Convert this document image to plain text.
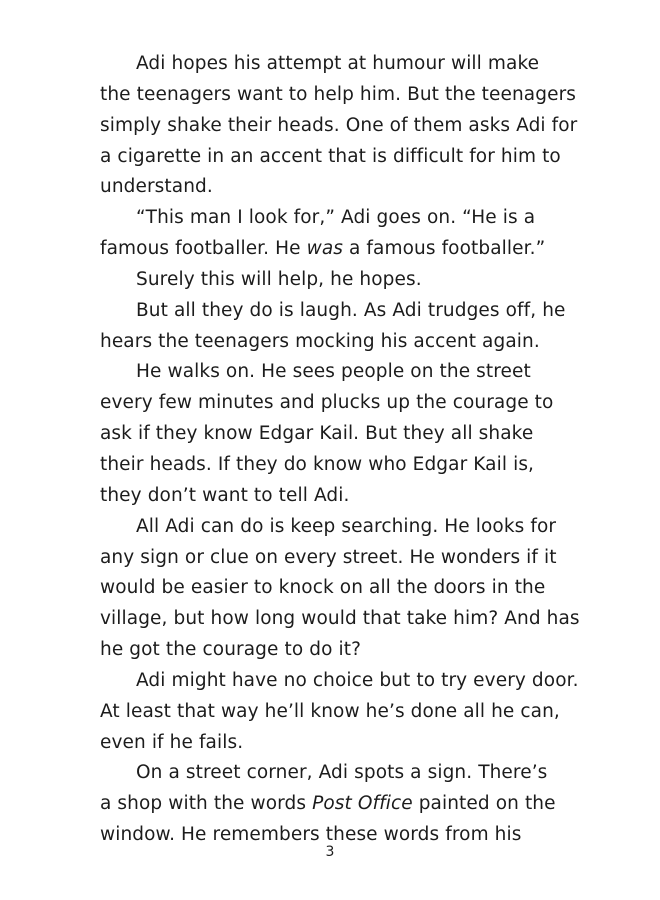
Adi hopes his attempt at humour will make
the teenagers want to help him. But the teenagers
simply shake their heads. One of them asks Adi for
a cigarette in an accent that is difficult for him to
understand.
“This man I look for,” Adi goes on. “He is a
famous footballer. He was a famous footballer.”
Surely this will help, he hopes.
But all they do is laugh. As Adi trudges off, he
hears the teenagers mocking his accent again.
He walks on. He sees people on the street
every few minutes and plucks up the courage to
ask if they know Edgar Kail. But they all shake
their heads. If they do know who Edgar Kail is,
they don’t want to tell Adi.
All Adi can do is keep searching. He looks for
any sign or clue on every street. He wonders if it
would be easier to knock on all the doors in the
village, but how long would that take him? And has
he got the courage to do it?
Adi might have no choice but to try every door.
At least that way he’ll know he’s done all he can,
even if he fails.
On a street corner, Adi spots a sign. There’s
a shop with the words Post Office painted on the
window. He remembers these words from his
3
